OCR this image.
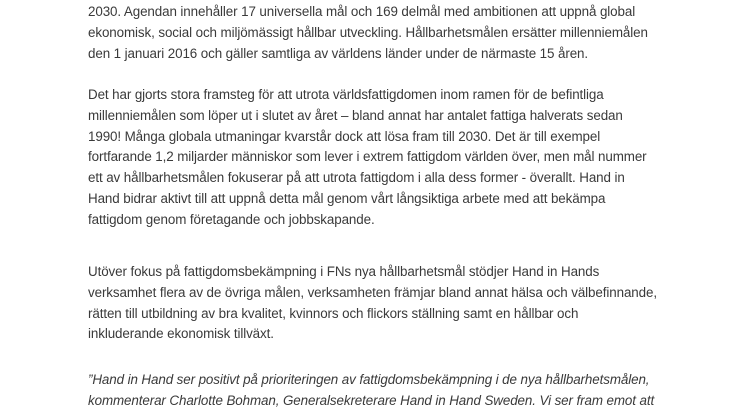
2030. Agendan innehåller 17 universella mål och 169 delmål med ambitionen att uppnå global
ekonomisk, social och miljömässigt hållbar utveckling. Hållbarhetsmålen ersätter millenniemålen
den 1 januari 2016 och gäller samtliga av världens länder under de närmaste 15 åren.

Det har gjorts stora framsteg för att utrota världsfattigdomen inom ramen för de befintliga
millenniemålen som löper ut i slutet av året – bland annat har antalet fattiga halverats sedan
1990! Många globala utmaningar kvarstår dock att lösa fram till 2030. Det är till exempel
fortfarande 1,2 miljarder människor som lever i extrem fattigdom världen över, men mål nummer
ett av hållbarhetsmålen fokuserar på att utrota fattigdom i alla dess former - överallt. Hand in
Hand bidrar aktivt till att uppnå detta mål genom vårt långsiktiga arbete med att bekämpa
fattigdom genom företagande och jobbskapande.

Utöver fokus på fattigdomsbekämpning i FNs nya hållbarhetsmål stödjer Hand in Hands
verksamhet flera av de övriga målen, verksamheten främjar bland annat hälsa och välbefinnande,
rätten till utbildning av bra kvalitet, kvinnors och flickors ställning samt en hållbar och
inkluderande ekonomisk tillväxt.

”Hand in Hand ser positivt på prioriteringen av fattigdomsbekämpning i de nya hållbarhetsmålen,
kommenterar Charlotte Bohman, Generalsekreterare Hand in Hand Sweden. Vi ser fram emot att
